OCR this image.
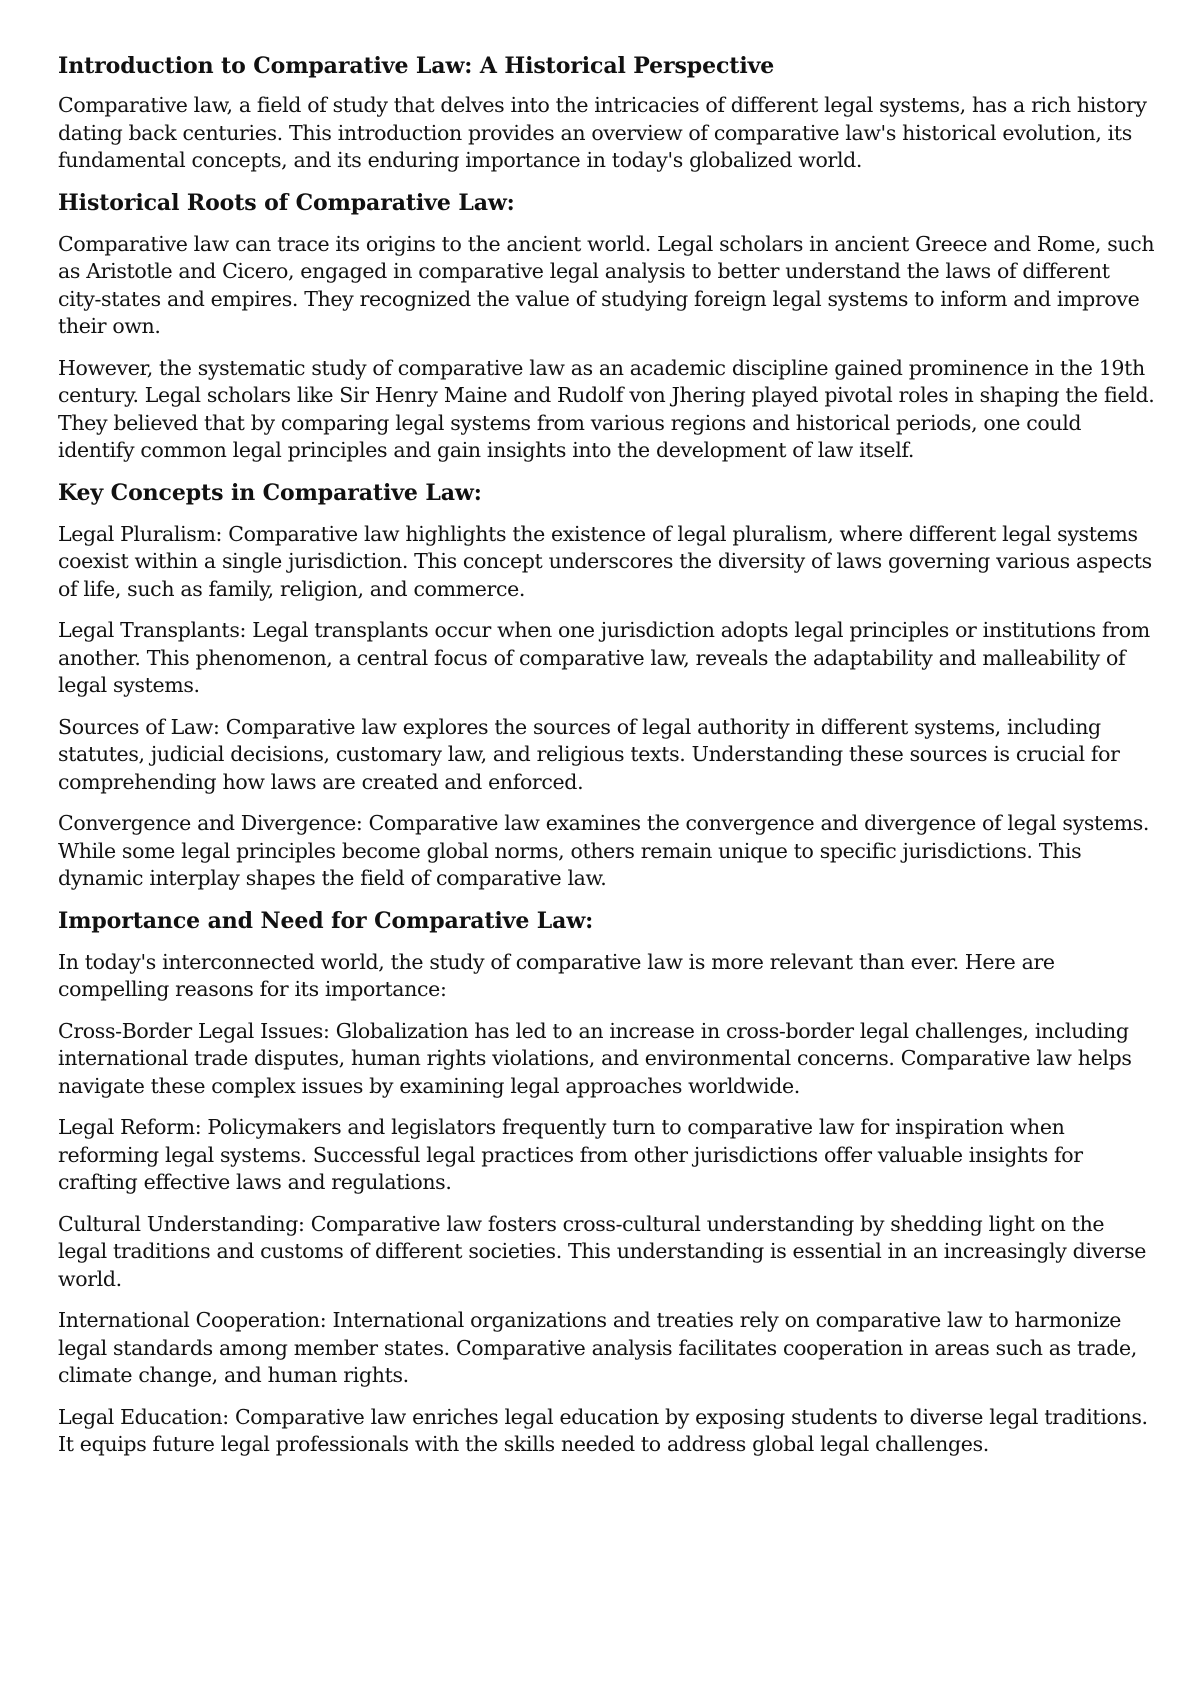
Introduction to Comparative Law: A Historical Perspective

Comparative law, a field of study that delves into the intricacies of different legal systems, has a rich history dating back centuries. This introduction provides an overview of comparative law's historical evolution, its fundamental concepts, and its enduring importance in today's globalized world.

Historical Roots of Comparative Law:

Comparative law can trace its origins to the ancient world. Legal scholars in ancient Greece and Rome, such as Aristotle and Cicero, engaged in comparative legal analysis to better understand the laws of different city-states and empires. They recognized the value of studying foreign legal systems to inform and improve their own.

However, the systematic study of comparative law as an academic discipline gained prominence in the 19th century. Legal scholars like Sir Henry Maine and Rudolf von Jhering played pivotal roles in shaping the field. They believed that by comparing legal systems from various regions and historical periods, one could identify common legal principles and gain insights into the development of law itself.

Key Concepts in Comparative Law:

Legal Pluralism: Comparative law highlights the existence of legal pluralism, where different legal systems coexist within a single jurisdiction. This concept underscores the diversity of laws governing various aspects of life, such as family, religion, and commerce.

Legal Transplants: Legal transplants occur when one jurisdiction adopts legal principles or institutions from another. This phenomenon, a central focus of comparative law, reveals the adaptability and malleability of legal systems.

Sources of Law: Comparative law explores the sources of legal authority in different systems, including statutes, judicial decisions, customary law, and religious texts. Understanding these sources is crucial for comprehending how laws are created and enforced.

Convergence and Divergence: Comparative law examines the convergence and divergence of legal systems. While some legal principles become global norms, others remain unique to specific jurisdictions. This dynamic interplay shapes the field of comparative law.

Importance and Need for Comparative Law:

In today's interconnected world, the study of comparative law is more relevant than ever. Here are compelling reasons for its importance:

Cross-Border Legal Issues: Globalization has led to an increase in cross-border legal challenges, including international trade disputes, human rights violations, and environmental concerns. Comparative law helps navigate these complex issues by examining legal approaches worldwide.

Legal Reform: Policymakers and legislators frequently turn to comparative law for inspiration when reforming legal systems. Successful legal practices from other jurisdictions offer valuable insights for crafting effective laws and regulations.

Cultural Understanding: Comparative law fosters cross-cultural understanding by shedding light on the legal traditions and customs of different societies. This understanding is essential in an increasingly diverse world.

International Cooperation: International organizations and treaties rely on comparative law to harmonize legal standards among member states. Comparative analysis facilitates cooperation in areas such as trade, climate change, and human rights.

Legal Education: Comparative law enriches legal education by exposing students to diverse legal traditions. It equips future legal professionals with the skills needed to address global legal challenges.
